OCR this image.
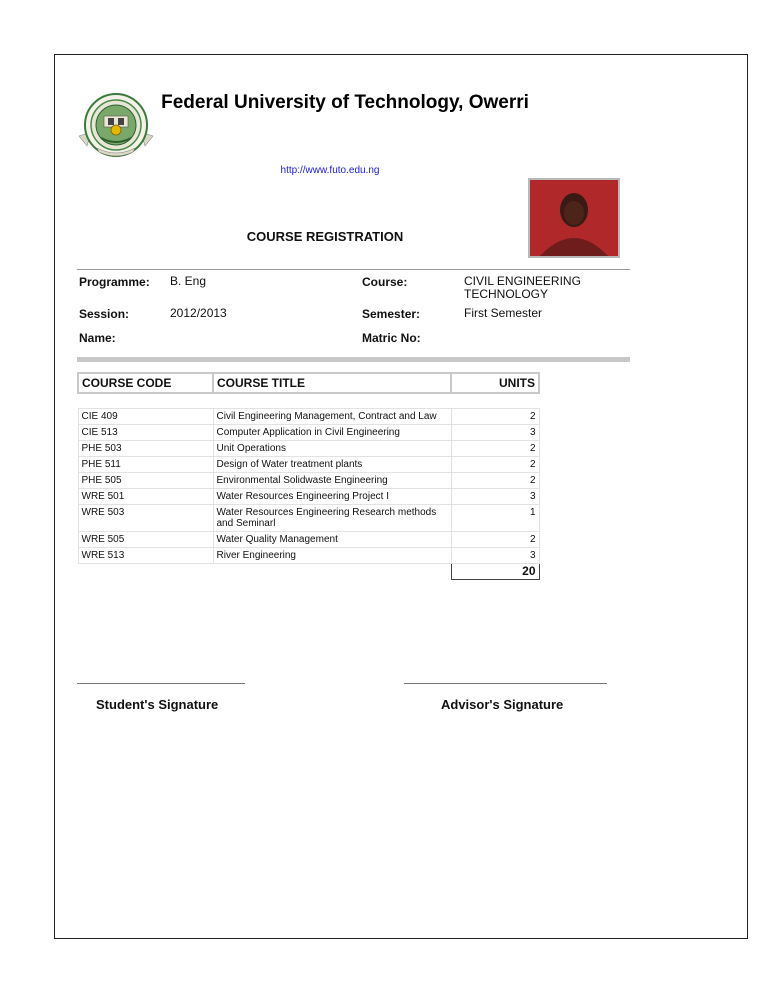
Federal University of Technology, Owerri
http://www.futo.edu.ng
COURSE REGISTRATION
Programme: B. Eng	Course:	CIVIL ENGINEERING TECHNOLOGY
Session:	2012/2013	Semester:	First Semester
Name:	Matric No:
COURSE CODE	COURSE TITLE	UNITS

CIE 409	Civil Engineering Management, Contract and Law	2
CIE 513	Computer Application in Civil Engineering	3
PHE 503	Unit Operations	2
PHE 511	Design of Water treatment plants	2
PHE 505	Environmental Solidwaste Engineering	2
WRE 501	Water Resources Engineering Project I	3
WRE 503	Water Resources Engineering Research methods and Seminarl	1
WRE 505	Water Quality Management	2
WRE 513	River Engineering	3
		20
Student's Signature	Advisor's Signature
